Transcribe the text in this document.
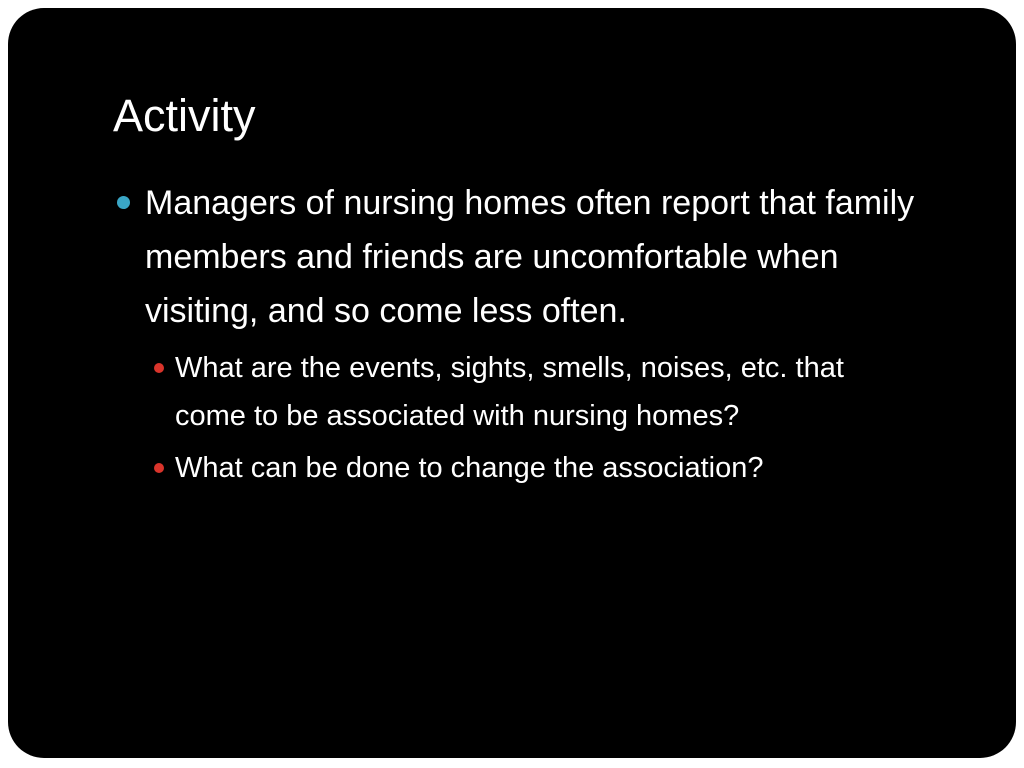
Activity
Managers of nursing homes often report that family members and friends are uncomfortable when visiting, and so come less often.
What are the events, sights, smells, noises, etc. that come to be associated with nursing homes?
What can be done to change the association?
